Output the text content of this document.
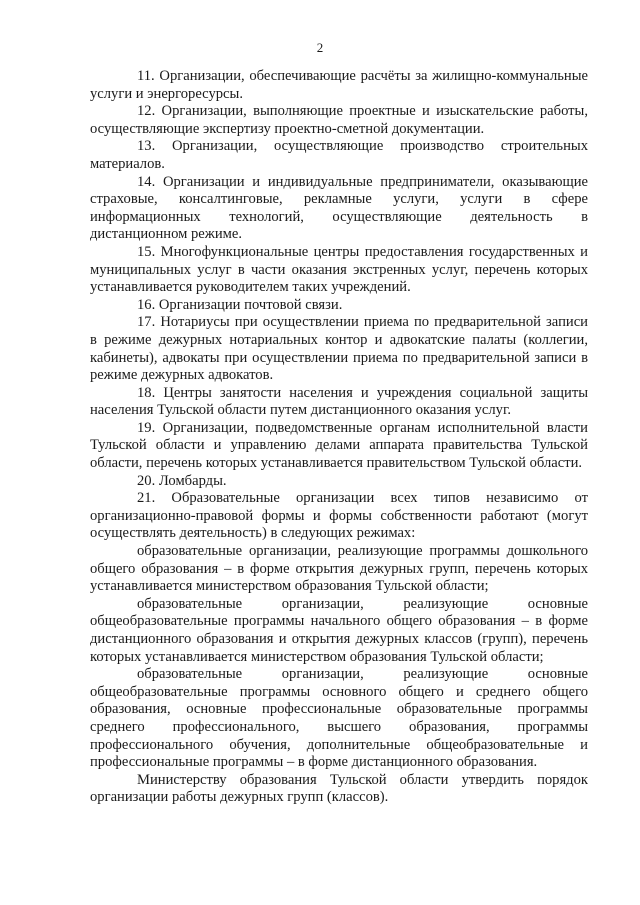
2

11. Организации, обеспечивающие расчёты за жилищно-коммунальные услуги и энергоресурсы.

12. Организации, выполняющие проектные и изыскательские работы, осуществляющие экспертизу проектно-сметной документации.

13. Организации, осуществляющие производство строительных материалов.

14. Организации и индивидуальные предприниматели, оказывающие страховые, консалтинговые, рекламные услуги, услуги в сфере информационных технологий, осуществляющие деятельность в дистанционном режиме.

15. Многофункциональные центры предоставления государственных и муниципальных услуг в части оказания экстренных услуг, перечень которых устанавливается руководителем таких учреждений.

16. Организации почтовой связи.

17. Нотариусы при осуществлении приема по предварительной записи в режиме дежурных нотариальных контор и адвокатские палаты (коллегии, кабинеты), адвокаты при осуществлении приема по предварительной записи в режиме дежурных адвокатов.

18. Центры занятости населения и учреждения социальной защиты населения Тульской области путем дистанционного оказания услуг.

19. Организации, подведомственные органам исполнительной власти Тульской области и управлению делами аппарата правительства Тульской области, перечень которых устанавливается правительством Тульской области.

20. Ломбарды.

21. Образовательные организации всех типов независимо от организационно-правовой формы и формы собственности работают (могут осуществлять деятельность) в следующих режимах:

образовательные организации, реализующие программы дошкольного общего образования – в форме открытия дежурных групп, перечень которых устанавливается министерством образования Тульской области;

образовательные организации, реализующие основные общеобразовательные программы начального общего образования – в форме дистанционного образования и открытия дежурных классов (групп), перечень которых устанавливается министерством образования Тульской области;

образовательные организации, реализующие основные общеобразовательные программы основного общего и среднего общего образования, основные профессиональные образовательные программы среднего профессионального, высшего образования, программы профессионального обучения, дополнительные общеобразовательные и профессиональные программы – в форме дистанционного образования.

Министерству образования Тульской области утвердить порядок организации работы дежурных групп (классов).
